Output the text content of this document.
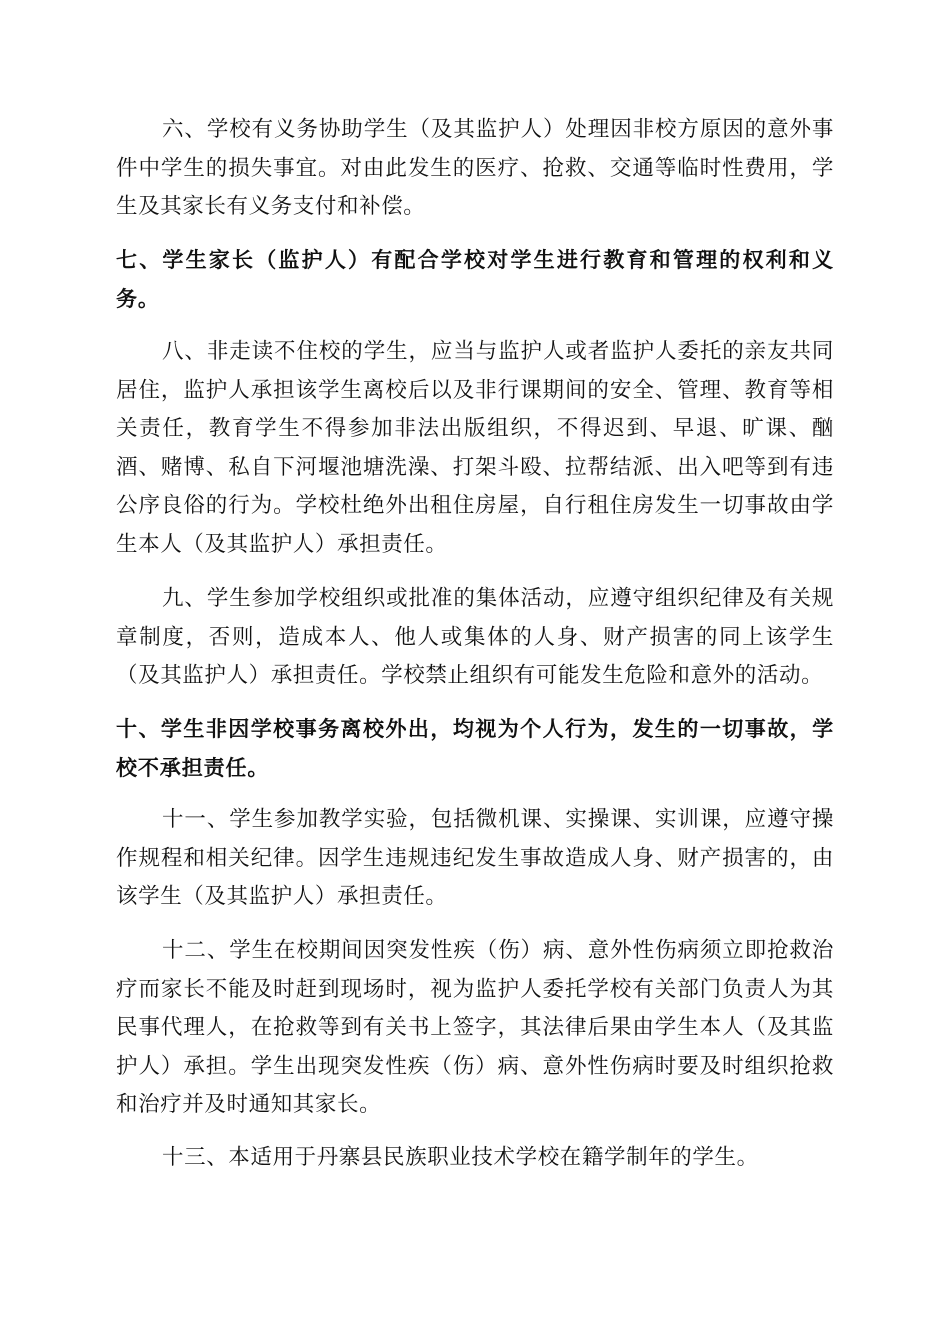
六、学校有义务协助学生（及其监护人）处理因非校方原因的意外事件中学生的损失事宜。对由此发生的医疗、抢救、交通等临时性费用，学生及其家长有义务支付和补偿。

七、学生家长（监护人）有配合学校对学生进行教育和管理的权利和义务。

八、非走读不住校的学生，应当与监护人或者监护人委托的亲友共同居住，监护人承担该学生离校后以及非行课期间的安全、管理、教育等相关责任，教育学生不得参加非法出版组织，不得迟到、早退、旷课、酗酒、赌博、私自下河堰池塘洗澡、打架斗殴、拉帮结派、出入吧等到有违公序良俗的行为。学校杜绝外出租住房屋，自行租住房发生一切事故由学生本人（及其监护人）承担责任。

九、学生参加学校组织或批准的集体活动，应遵守组织纪律及有关规章制度，否则，造成本人、他人或集体的人身、财产损害的同上该学生（及其监护人）承担责任。学校禁止组织有可能发生危险和意外的活动。

十、学生非因学校事务离校外出，均视为个人行为，发生的一切事故，学校不承担责任。

十一、学生参加教学实验，包括微机课、实操课、实训课，应遵守操作规程和相关纪律。因学生违规违纪发生事故造成人身、财产损害的，由该学生（及其监护人）承担责任。

十二、学生在校期间因突发性疾（伤）病、意外性伤病须立即抢救治疗而家长不能及时赶到现场时，视为监护人委托学校有关部门负责人为其民事代理人，在抢救等到有关书上签字，其法律后果由学生本人（及其监护人）承担。学生出现突发性疾（伤）病、意外性伤病时要及时组织抢救和治疗并及时通知其家长。

十三、本适用于丹寨县民族职业技术学校在籍学制年的学生。
